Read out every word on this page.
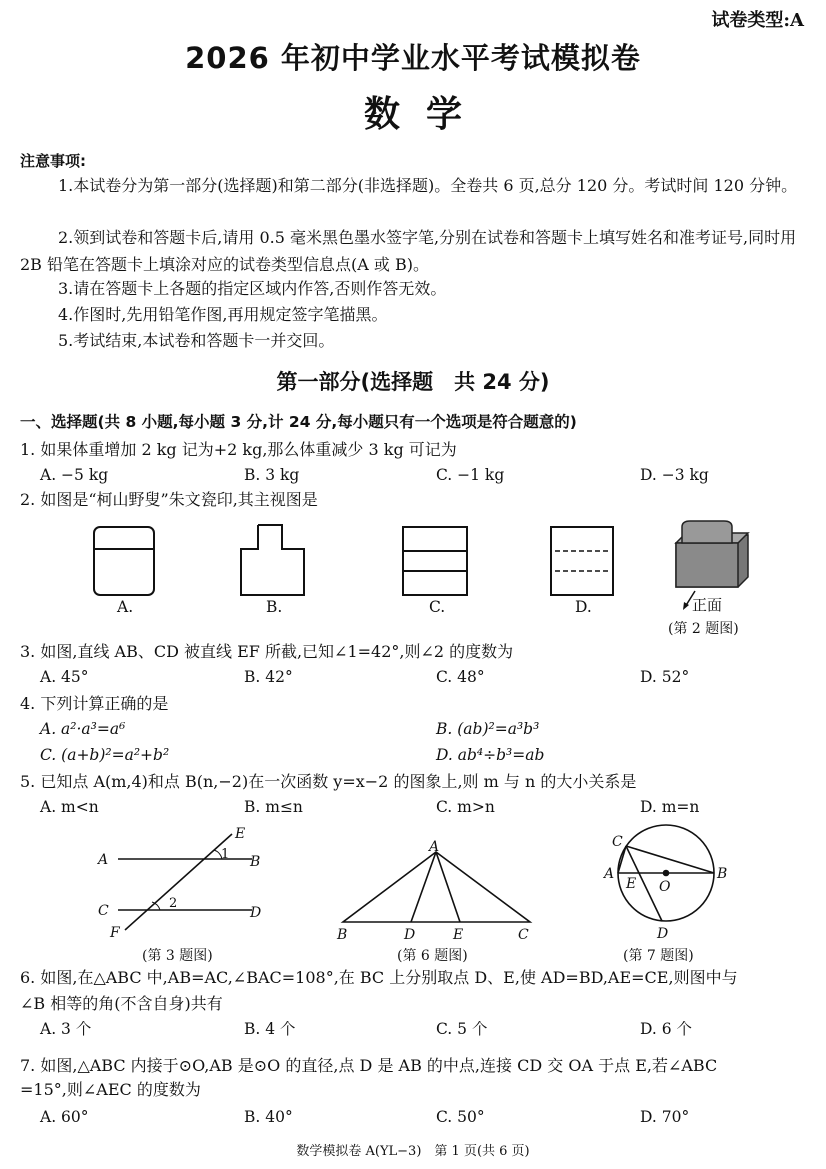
试卷类型:A
2026 年初中学业水平考试模拟卷
数学
注意事项:
1.本试卷分为第一部分(选择题)和第二部分(非选择题)。全卷共 6 页,总分 120 分。考试时间 120 分钟。
2.领到试卷和答题卡后,请用 0.5 毫米黑色墨水签字笔,分别在试卷和答题卡上填写姓名和准考证号,同时用 2B 铅笔在答题卡上填涂对应的试卷类型信息点(A 或 B)。
3.请在答题卡上各题的指定区域内作答,否则作答无效。
4.作图时,先用铅笔作图,再用规定签字笔描黑。
5.考试结束,本试卷和答题卡一并交回。
第一部分(选择题　共 24 分)
一、选择题(共 8 小题,每小题 3 分,计 24 分,每小题只有一个选项是符合题意的)
1. 如果体重增加 2 kg 记为+2 kg,那么体重减少 3 kg 可记为
A. −5 kg	B. 3 kg	C. −1 kg	D. −3 kg
2. 如图是“柯山野叟”朱文瓷印,其主视图是
A.	B.	C.	D.	正面
(第 2 题图)
3. 如图,直线 AB、CD 被直线 EF 所截,已知∠1=42°,则∠2 的度数为
A. 45°	B. 42°	C. 48°	D. 52°
4. 下列计算正确的是
A. a²·a³=a⁶	B. (ab)²=a³b³
C. (a+b)²=a²+b²	D. ab⁴÷b³=ab
5. 已知点 A(m,4)和点 B(n,−2)在一次函数 y=x−2 的图象上,则 m 与 n 的大小关系是
A. m<n	B. m≤n	C. m>n	D. m=n
E
A	B
C	D
F
1
2
A
B	C
D	E
C
A	B
E O
D
(第 3 题图)	(第 6 题图)	(第 7 题图)
6. 如图,在△ABC 中,AB=AC,∠BAC=108°,在 BC 上分别取点 D、E,使 AD=BD,AE=CE,则图中与
∠B 相等的角(不含自身)共有
A. 3 个	B. 4 个	C. 5 个	D. 6 个
7. 如图,△ABC 内接于⊙O,AB 是⊙O 的直径,点 D 是 AB 的中点,连接 CD 交 OA 于点 E,若∠ABC
=15°,则∠AEC 的度数为
A. 60°	B. 40°	C. 50°	D. 70°
数学模拟卷 A(YL−3)　第 1 页(共 6 页)
